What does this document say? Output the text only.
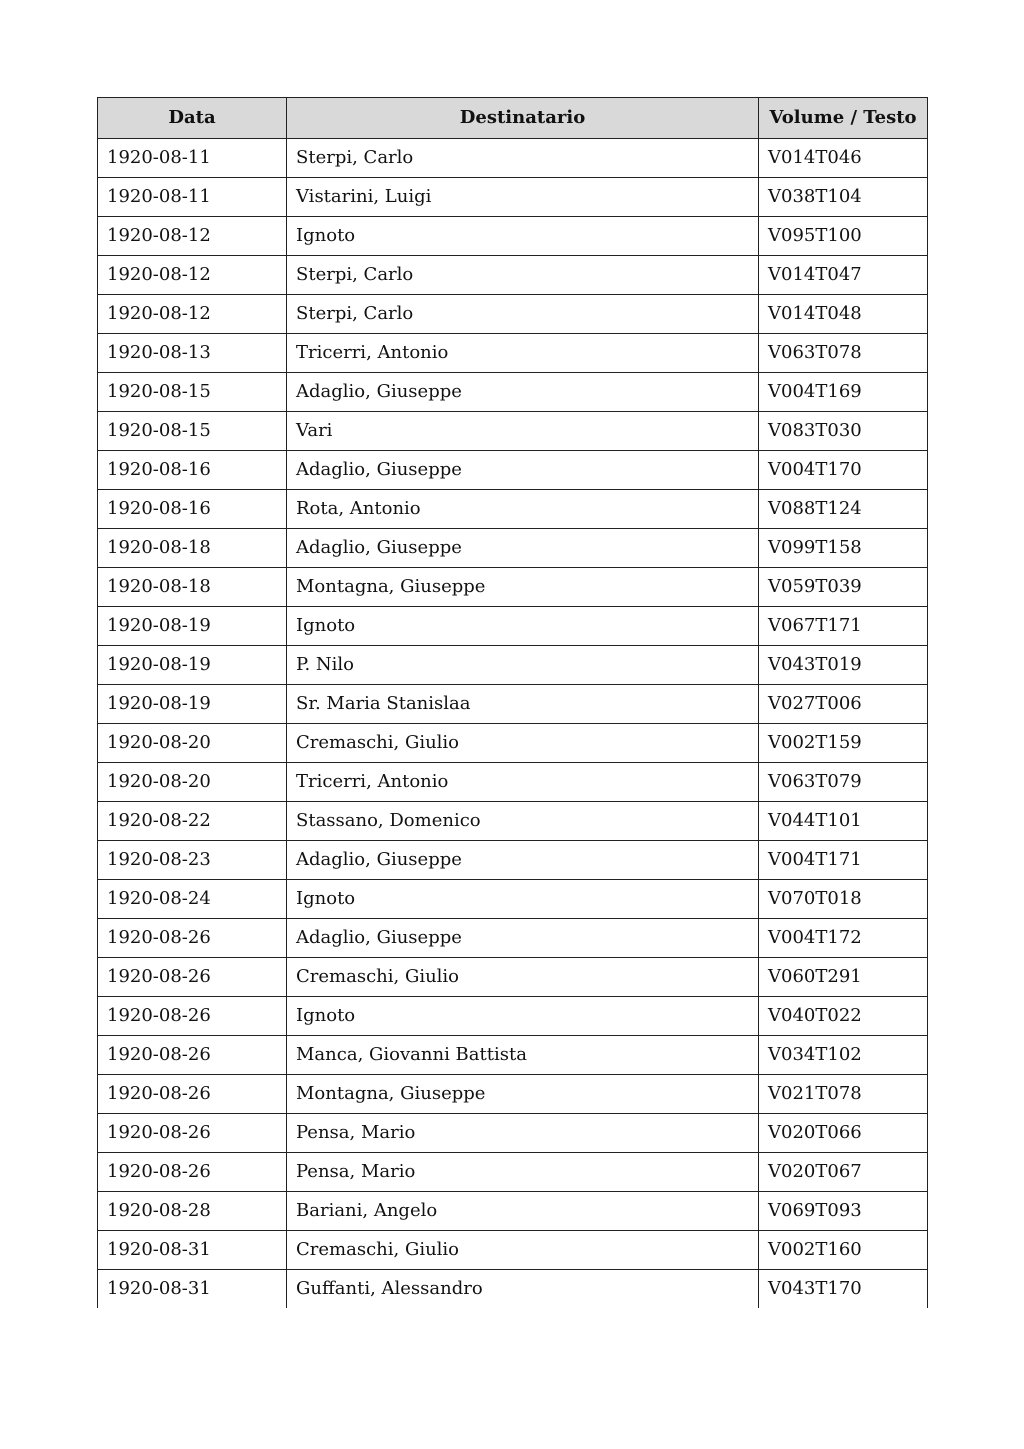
Data	Destinatario	Volume / Testo
1920-08-11	Sterpi, Carlo	V014T046
1920-08-11	Vistarini, Luigi	V038T104
1920-08-12	Ignoto	V095T100
1920-08-12	Sterpi, Carlo	V014T047
1920-08-12	Sterpi, Carlo	V014T048
1920-08-13	Tricerri, Antonio	V063T078
1920-08-15	Adaglio, Giuseppe	V004T169
1920-08-15	Vari	V083T030
1920-08-16	Adaglio, Giuseppe	V004T170
1920-08-16	Rota, Antonio	V088T124
1920-08-18	Adaglio, Giuseppe	V099T158
1920-08-18	Montagna, Giuseppe	V059T039
1920-08-19	Ignoto	V067T171
1920-08-19	P. Nilo	V043T019
1920-08-19	Sr. Maria Stanislaa	V027T006
1920-08-20	Cremaschi, Giulio	V002T159
1920-08-20	Tricerri, Antonio	V063T079
1920-08-22	Stassano, Domenico	V044T101
1920-08-23	Adaglio, Giuseppe	V004T171
1920-08-24	Ignoto	V070T018
1920-08-26	Adaglio, Giuseppe	V004T172
1920-08-26	Cremaschi, Giulio	V060T291
1920-08-26	Ignoto	V040T022
1920-08-26	Manca, Giovanni Battista	V034T102
1920-08-26	Montagna, Giuseppe	V021T078
1920-08-26	Pensa, Mario	V020T066
1920-08-26	Pensa, Mario	V020T067
1920-08-28	Bariani, Angelo	V069T093
1920-08-31	Cremaschi, Giulio	V002T160
1920-08-31	Guffanti, Alessandro	V043T170
